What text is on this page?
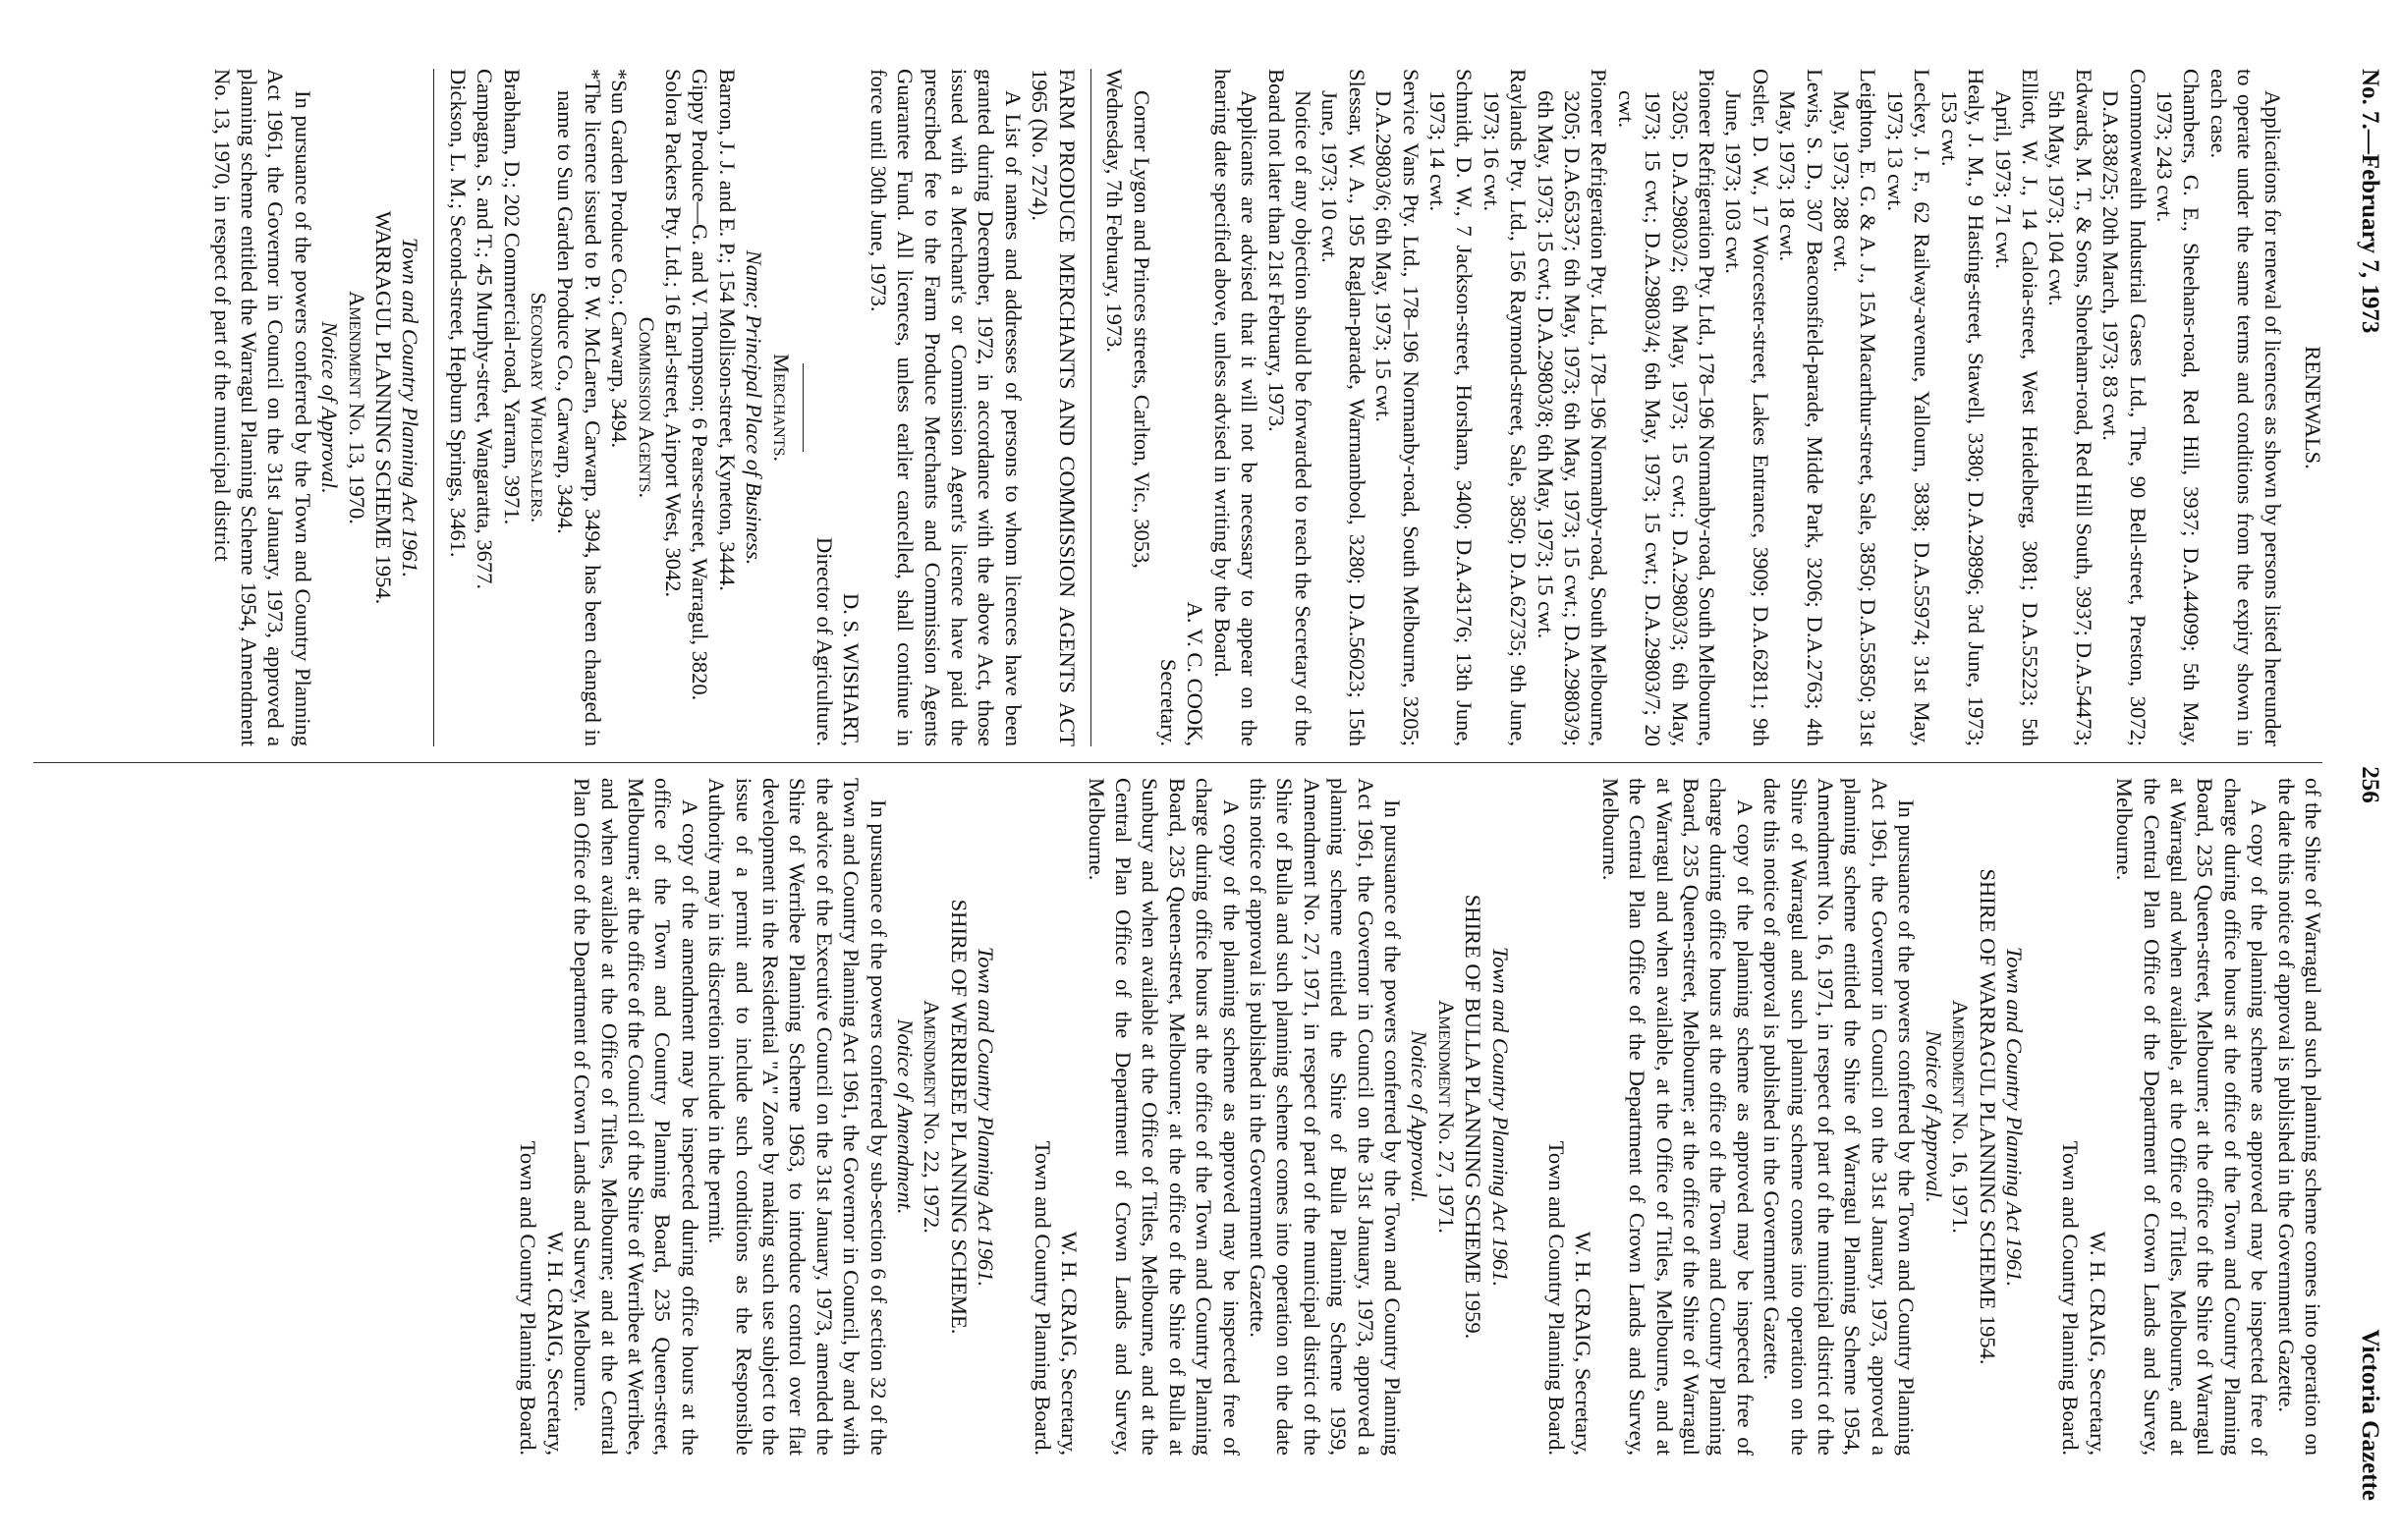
No. 7.—February 7, 1973
256
Victoria Gazette

RENEWALS.

Applications for renewal of licences as shown by persons listed hereunder to operate under the same terms and conditions from the expiry shown in each case.

Chambers, G. E., Sheehans-road, Red Hill, 3937; D.A.44099; 5th May, 1973; 243 cwt.

Commonwealth Industrial Gases Ltd., The, 90 Bell-street, Preston, 3072; D.A.838/25; 20th March, 1973; 83 cwt.

Edwards, M. T., & Sons, Shoreham-road, Red Hill South, 3937; D.A.54473; 5th May, 1973; 104 cwt.

Elliott, W. J., 14 Caloia-street, West Heidelberg, 3081; D.A.55223; 5th April, 1973; 71 cwt.

Healy, J. M., 9 Hasting-street, Stawell, 3380; D.A.29896; 3rd June, 1973; 153 cwt.

Leckey, J. F., 62 Railway-avenue, Yallourn, 3838; D.A.55974; 31st May, 1973; 13 cwt.

Leighton, E. G. & A. J., 15A Macarthur-street, Sale, 3850; D.A.55850; 31st May, 1973; 288 cwt.

Lewis, S. D., 307 Beaconsfield-parade, Midde Park, 3206; D.A.2763; 4th May, 1973; 18 cwt.

Ostler, D. W., 17 Worcester-street, Lakes Entrance, 3909; D.A.62811; 9th June, 1973; 103 cwt.

Pioneer Refrigeration Pty. Ltd., 178–196 Normanby-road, South Melbourne, 3205; D.A.29803/2; 6th May, 1973; 15 cwt.; D.A.29803/3; 6th May, 1973; 15 cwt.; D.A.29803/4; 6th May, 1973; 15 cwt.; D.A.29803/7; 20 cwt.

Pioneer Refrigeration Pty. Ltd., 178–196 Normanby-road, South Melbourne, 3205; D.A.65337; 6th May, 1973; 6th May, 1973; 15 cwt.; D.A.29803/9; 6th May, 1973; 15 cwt.; D.A.29803/8; 6th May, 1973; 15 cwt.

Raylands Pty. Ltd., 156 Raymond-street, Sale, 3850; D.A.62735; 9th June, 1973; 16 cwt.

Schmidt, D. W., 7 Jackson-street, Horsham, 3400; D.A.43176; 13th June, 1973; 14 cwt.

Service Vans Pty. Ltd., 178–196 Normanby-road, South Melbourne, 3205; D.A.29803/6; 6th May, 1973; 15 cwt.

Slessar, W. A., 195 Raglan-parade, Warrnambool, 3280; D.A.56023; 15th June, 1973; 10 cwt.

Notice of any objection should be forwarded to reach the Secretary of the Board not later than 21st February, 1973.

Applicants are advised that it will not be necessary to appear on the hearing date specified above, unless advised in writing by the Board.

A. V. C. COOK,

Secretary.

Corner Lygon and Princes streets, Carlton, Vic., 3053,

Wednesday, 7th February, 1973.

FARM PRODUCE MERCHANTS AND COMMISSION AGENTS ACT 1965 (No. 7274).

A List of names and addresses of persons to whom licences have been granted during December, 1972, in accordance with the above Act, those issued with a Merchant's or Commission Agent's licence have paid the prescribed fee to the Farm Produce Merchants and Commission Agents Guarantee Fund. All licences, unless earlier cancelled, shall continue in force until 30th June, 1973.

D. S. WISHART,

Director of Agriculture.

Merchants.

Name; Principal Place of Business.

Barron, J. J. and E. P.; 154 Mollison-street, Kyneton, 3444.

Gippy Produce—G. and V. Thompson; 6 Pearse-street, Warragul, 3820.

Solora Packers Pty. Ltd.; 16 Earl-street, Airport West, 3042.

Commission Agents.

*Sun Garden Produce Co.; Carwarp, 3494.

*The licence issued to P. W. McLaren, Carwarp, 3494, has been changed in name to Sun Garden Produce Co., Carwarp, 3494.

Secondary Wholesalers.

Brabham, D.; 202 Commercial-road, Yarram, 3971.

Campagna, S. and T.; 45 Murphy-street, Wangaratta, 3677.

Dickson, L. M.; Second-street, Hepburn Springs, 3461.

Town and Country Planning Act 1961.

WARRAGUL PLANNING SCHEME 1954.

Amendment No. 13, 1970.

Notice of Approval.

In pursuance of the powers conferred by the Town and Country Planning Act 1961, the Governor in Council on the 31st January, 1973, approved a planning scheme entitled the Warragul Planning Scheme 1954, Amendment No. 13, 1970, in respect of part of the municipal district

of the Shire of Warragul and such planning scheme comes into operation on the date this notice of approval is published in the Government Gazette.

A copy of the planning scheme as approved may be inspected free of charge during office hours at the office of the Town and Country Planning Board, 235 Queen-street, Melbourne; at the office of the Shire of Warragul at Warragul and when available, at the Office of Titles, Melbourne, and at the Central Plan Office of the Department of Crown Lands and Survey, Melbourne.

W. H. CRAIG, Secretary,

Town and Country Planning Board.

Town and Country Planning Act 1961.

SHIRE OF WARRAGUL PLANNING SCHEME 1954.

Amendment No. 16, 1971.

Notice of Approval.

In pursuance of the powers conferred by the Town and Country Planning Act 1961, the Governor in Council on the 31st January, 1973, approved a planning scheme entitled the Shire of Warragul Planning Scheme 1954, Amendment No. 16, 1971, in respect of part of the municipal district of the Shire of Warragul and such planning scheme comes into operation on the date this notice of approval is published in the Government Gazette.

A copy of the planning scheme as approved may be inspected free of charge during office hours at the office of the Town and Country Planning Board, 235 Queen-street, Melbourne; at the office of the Shire of Warragul at Warragul and when available, at the Office of Titles, Melbourne, and at the Central Plan Office of the Department of Crown Lands and Survey, Melbourne.

W. H. CRAIG, Secretary,

Town and Country Planning Board.

Town and Country Planning Act 1961.

SHIRE OF BULLA PLANNING SCHEME 1959.

Amendment No. 27, 1971.

Notice of Approval.

In pursuance of the powers conferred by the Town and Country Planning Act 1961, the Governor in Council on the 31st January, 1973, approved a planning scheme entitled the Shire of Bulla Planning Scheme 1959, Amendment No. 27, 1971, in respect of part of the municipal district of the Shire of Bulla and such planning scheme comes into operation on the date this notice of approval is published in the Government Gazette.

A copy of the planning scheme as approved may be inspected free of charge during office hours at the office of the Town and Country Planning Board, 235 Queen-street, Melbourne; at the office of the Shire of Bulla at Sunbury and when available at the Office of Titles, Melbourne, and at the Central Plan Office of the Department of Crown Lands and Survey, Melbourne.

W. H. CRAIG, Secretary,

Town and Country Planning Board.

Town and Country Planning Act 1961.

SHIRE OF WERRIBEE PLANNING SCHEME.

Amendment No. 22, 1972.

Notice of Amendment.

In pursuance of the powers conferred by sub-section 6 of section 32 of the Town and Country Planning Act 1961, the Governor in Council, by and with the advice of the Executive Council on the 31st January, 1973, amended the Shire of Werribee Planning Scheme 1963, to introduce control over flat development in the Residential "A" Zone by making such use subject to the issue of a permit and to include such conditions as the Responsible Authority may in its discretion include in the permit.

A copy of the amendment may be inspected during office hours at the office of the Town and Country Planning Board, 235 Queen-street, Melbourne; at the office of the Council of the Shire of Werribee at Werribee, and when available at the Office of Titles, Melbourne; and at the Central Plan Office of the Department of Crown Lands and Survey, Melbourne.

W. H. CRAIG, Secretary,

Town and Country Planning Board.
